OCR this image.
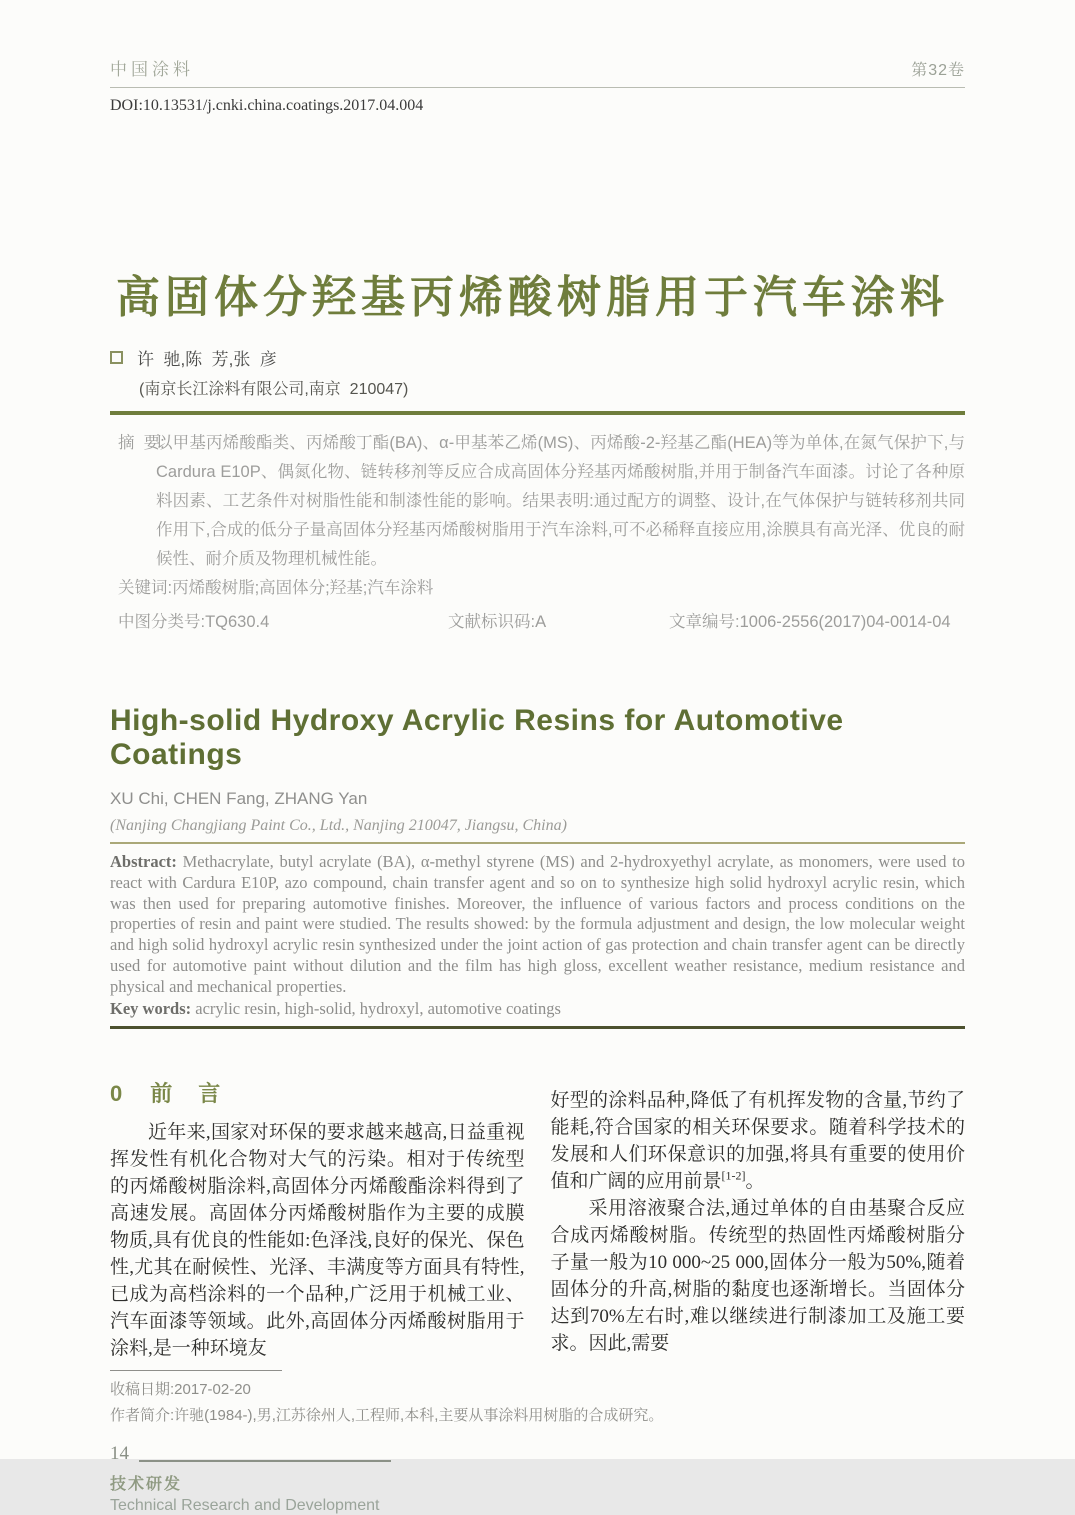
中国涂料	第32卷
DOI:10.13531/j.cnki.china.coatings.2017.04.004
高固体分羟基丙烯酸树脂用于汽车涂料
许  驰,陈  芳,张  彦
(南京长江涂料有限公司,南京  210047)
摘  要:
以甲基丙烯酸酯类、丙烯酸丁酯(BA)、α-甲基苯乙烯(MS)、丙烯酸-2-羟基乙酯(HEA)等为单体,在氮气保护下,与Cardura E10P、偶氮化物、链转移剂等反应合成高固体分羟基丙烯酸树脂,并用于制备汽车面漆。讨论了各种原料因素、工艺条件对树脂性能和制漆性能的影响。结果表明:通过配方的调整、设计,在气体保护与链转移剂共同作用下,合成的低分子量高固体分羟基丙烯酸树脂用于汽车涂料,可不必稀释直接应用,涂膜具有高光泽、优良的耐候性、耐介质及物理机械性能。
关键词:丙烯酸树脂;高固体分;羟基;汽车涂料
中图分类号:TQ630.4	文献标识码:A	文章编号:1006-2556(2017)04-0014-04
High-solid Hydroxy Acrylic Resins for Automotive Coatings
XU Chi, CHEN Fang, ZHANG Yan
(Nanjing Changjiang Paint Co., Ltd., Nanjing 210047, Jiangsu, China)

Abstract: Methacrylate, butyl acrylate (BA), α-methyl styrene (MS) and 2-hydroxyethyl acrylate, as monomers, were used to react with Cardura E10P, azo compound, chain transfer agent and so on to synthesize high solid hydroxyl acrylic resin, which was then used for preparing automotive finishes. Moreover, the influence of various factors and process conditions on the properties of resin and paint were studied. The results showed: by the formula adjustment and design, the low molecular weight and high solid hydroxyl acrylic resin synthesized under the joint action of gas protection and chain transfer agent can be directly used for automotive paint without dilution and the film has high gloss, excellent weather resistance, medium resistance and physical and mechanical properties.

Key words: acrylic resin, high-solid, hydroxyl, automotive coatings

0 前言

近年来,国家对环保的要求越来越高,日益重视挥发性有机化合物对大气的污染。相对于传统型的丙烯酸树脂涂料,高固体分丙烯酸酯涂料得到了高速发展。高固体分丙烯酸树脂作为主要的成膜物质,具有优良的性能如:色泽浅,良好的保光、保色性,尤其在耐候性、光泽、丰满度等方面具有特性,已成为高档涂料的一个品种,广泛用于机械工业、汽车面漆等领域。此外,高固体分丙烯酸树脂用于涂料,是一种环境友

好型的涂料品种,降低了有机挥发物的含量,节约了能耗,符合国家的相关环保要求。随着科学技术的发展和人们环保意识的加强,将具有重要的使用价值和广阔的应用前景[1-2]。

采用溶液聚合法,通过单体的自由基聚合反应合成丙烯酸树脂。传统型的热固性丙烯酸树脂分子量一般为10 000~25 000,固体分一般为50%,随着固体分的升高,树脂的黏度也逐渐增长。当固体分达到70%左右时,难以继续进行制漆加工及施工要求。因此,需要

收稿日期:2017-02-20
作者简介:许驰(1984-),男,江苏徐州人,工程师,本科,主要从事涂料用树脂的合成研究。
14
技术研发
Technical Research and Development
